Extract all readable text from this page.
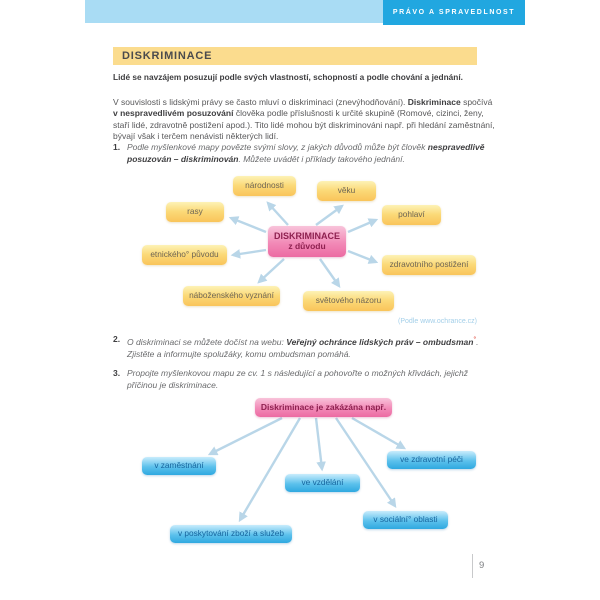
PRÁVO A SPRAVEDLNOST
DISKRIMINACE
Lidé se navzájem posuzují podle svých vlastností, schopností a podle chování a jednání.

V souvislosti s lidskými právy se často mluví o diskriminaci (znevýhodňování). Diskriminace spočívá v nespravedlivém posuzování člověka podle příslušnosti k určité skupině (Romové, cizinci, ženy, staří lidé, zdravotně postižení apod.). Tito lidé mohou být diskriminováni např. při hledání zaměstnání, bývají však i terčem nenávisti některých lidí.

1. Podle myšlenkové mapy povězte svými slovy, z jakých důvodů může být člověk nespravedlivě posuzován – diskriminován. Můžete uvádět i příklady takového jednání.
národnosti	věku
rasy	pohlaví
etnického° původu
zdravotního postižení
náboženského vyznání	světového názoru
DISKRIMINACE
z důvodu
(Podle www.ochrance.cz)
2. O diskriminaci se můžete dočíst na webu: Veřejný ochránce lidských práv – ombudsman°. Zjistěte a informujte spolužáky, komu ombudsman pomáhá.
3. Propojte myšlenkovou mapu ze cv. 1 s následující a pohovořte o možných křivdách, jejichž příčinou je diskriminace.
Diskriminace je zakázána např.
v zaměstnání
ve vzdělání
ve zdravotní péči
v sociální° oblasti
v poskytování zboží a služeb
9
